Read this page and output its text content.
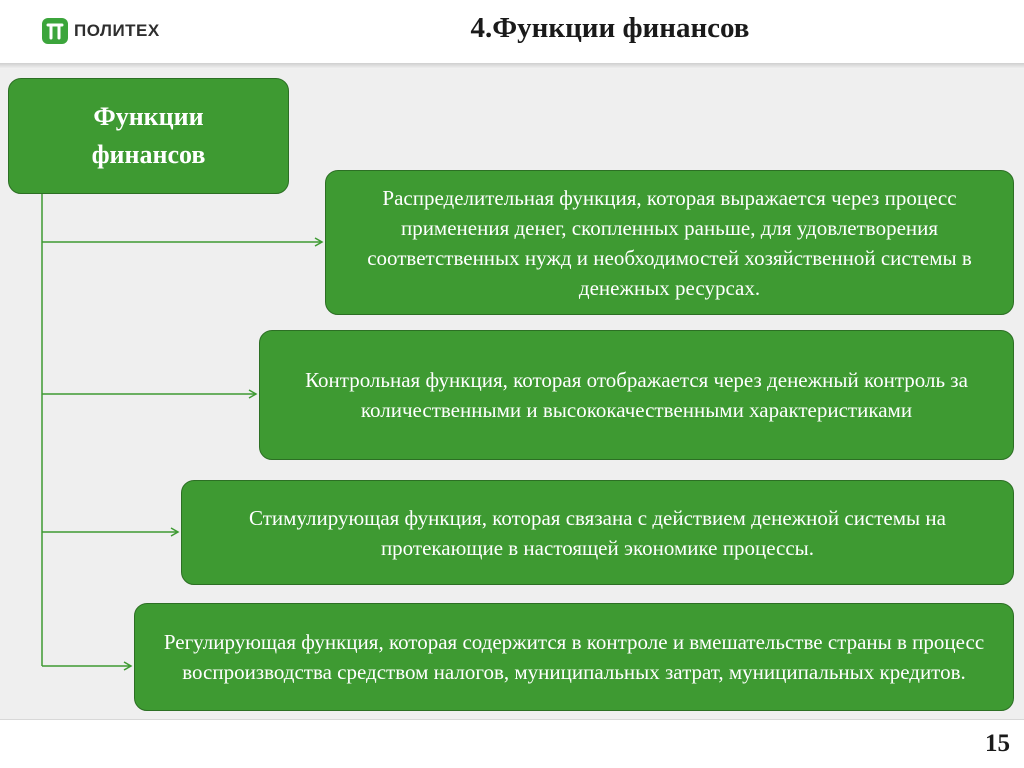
ПОЛИТЕХ	4.Функции финансов
Функции финансов
Распределительная функция, которая выражается через процесс применения денег, скопленных раньше, для удовлетворения соответственных нужд и необходимостей хозяйственной системы в денежных ресурсах.
Контрольная функция, которая отображается через денежный контроль за количественными и высококачественными характеристиками
Стимулирующая функция, которая связана с действием денежной системы на протекающие в настоящей экономике процессы.
Регулирующая функция, которая содержится в контроле и вмешательстве страны в процесс воспроизводства средством налогов, муниципальных затрат, муниципальных кредитов.
15
